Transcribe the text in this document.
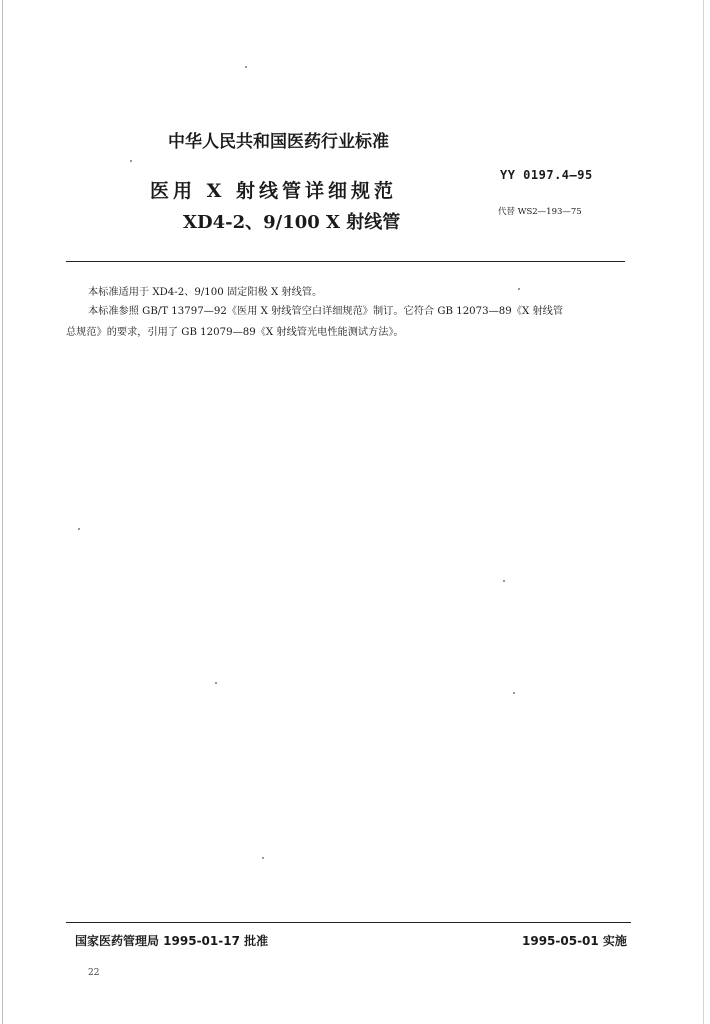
中华人民共和国医药行业标准
医用 X 射线管详细规范
XD4-2、9/100 X 射线管
YY 0197.4—95
代替 WS2—193—75
本标准适用于 XD4-2、9/100 固定阳极 X 射线管。
本标准参照 GB/T 13797—92《医用 X 射线管空白详细规范》制订。它符合 GB 12073—89《X 射线管
总规范》的要求，引用了 GB 12079—89《X 射线管光电性能测试方法》。
国家医药管理局 1995-01-17 批准	1995-05-01 实施
22
